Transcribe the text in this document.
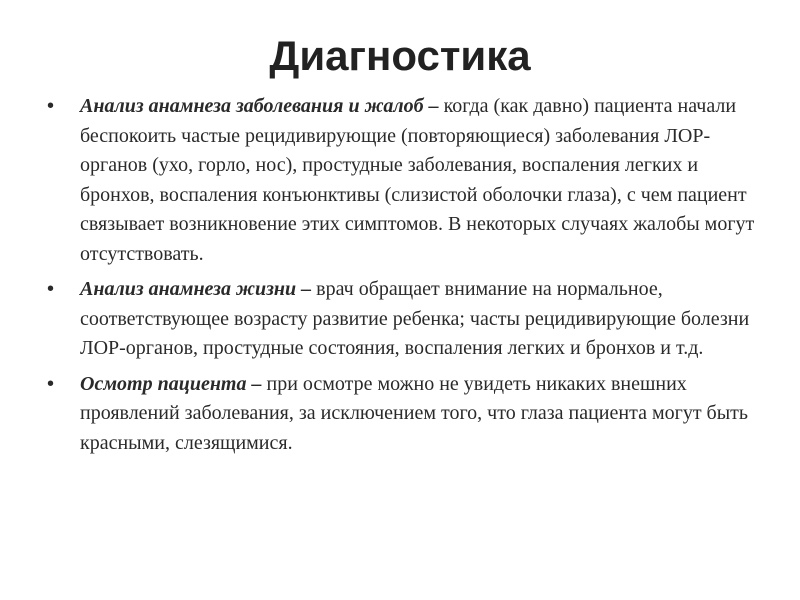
Диагностика
• Анализ анамнеза заболевания и жалоб – когда (как давно) пациента начали беспокоить частые рецидивирующие (повторяющиеся) заболевания ЛОР-органов (ухо, горло, нос), простудные заболевания, воспаления легких и бронхов, воспаления конъюнктивы (слизистой оболочки глаза), с чем пациент связывает возникновение этих симптомов. В некоторых случаях жалобы могут отсутствовать.
• Анализ анамнеза жизни – врач обращает внимание на нормальное, соответствующее возрасту развитие ребенка; часты рецидивирующие болезни ЛОР-органов, простудные состояния, воспаления легких и бронхов и т.д.
• Осмотр пациента – при осмотре можно не увидеть никаких внешних проявлений заболевания, за исключением того, что глаза пациента могут быть красными, слезящимися.
